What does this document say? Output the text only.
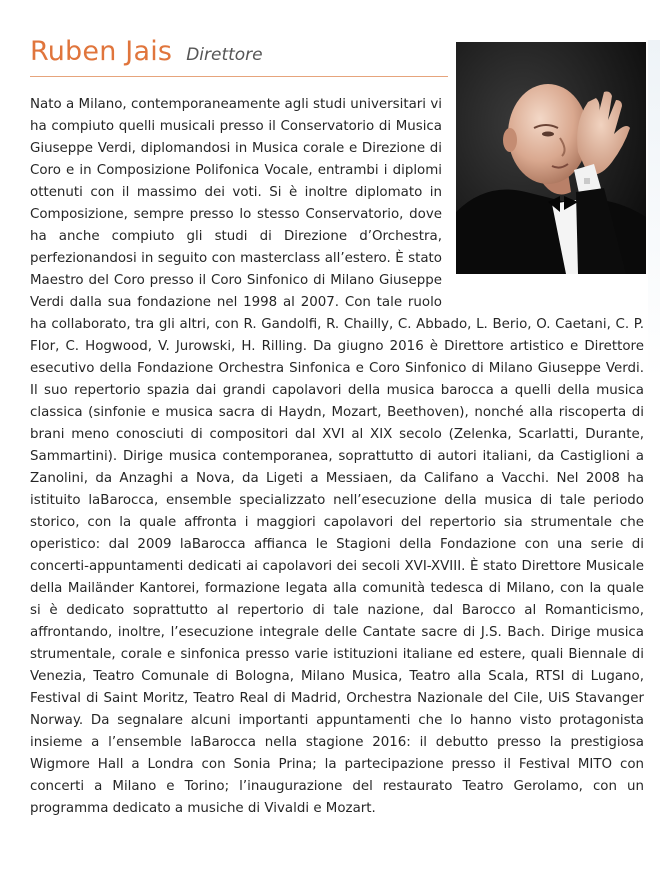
Ruben Jais Direttore
Nato a Milano, contemporaneamente agli studi universitari vi ha compiuto quelli musicali presso il Conservatorio di Musica Giuseppe Verdi, diplomandosi in Musica corale e Direzione di Coro e in Composizione Polifonica Vocale, entrambi i diplomi ottenuti con il massimo dei voti. Si è inoltre diplomato in Composizione, sempre presso lo stesso Conservatorio, dove ha anche compiuto gli studi di Direzione d’Orchestra, perfezionandosi in seguito con masterclass all’estero. È stato Maestro del Coro presso il Coro Sinfonico di Milano Giuseppe Verdi dalla sua fondazione nel 1998 al 2007. Con tale ruolo ha collaborato, tra gli altri, con R. Gandolfi, R. Chailly, C. Abbado, L. Berio, O. Caetani, C. P. Flor, C. Hogwood, V. Jurowski, H. Rilling. Da giugno 2016 è Direttore artistico e Direttore esecutivo della Fondazione Orchestra Sinfonica e Coro Sinfonico di Milano Giuseppe Verdi. Il suo repertorio spazia dai grandi capolavori della musica barocca a quelli della musica classica (sinfonie e musica sacra di Haydn, Mozart, Beethoven), nonché alla riscoperta di brani meno conosciuti di compositori dal XVI al XIX secolo (Zelenka, Scarlatti, Durante, Sammartini). Dirige musica contemporanea, soprattutto di autori italiani, da Castiglioni a Zanolini, da Anzaghi a Nova, da Ligeti a Messiaen, da Califano a Vacchi. Nel 2008 ha istituito laBarocca, ensemble specializzato nell’esecuzione della musica di tale periodo storico, con la quale affronta i maggiori capolavori del repertorio sia strumentale che operistico: dal 2009 laBarocca affianca le Stagioni della Fondazione con una serie di concerti-appuntamenti dedicati ai capolavori dei secoli XVI-XVIII. È stato Direttore Musicale della Mailänder Kantorei, formazione legata alla comunità tedesca di Milano, con la quale si è dedicato soprattutto al repertorio di tale nazione, dal Barocco al Romanticismo, affrontando, inoltre, l’esecuzione integrale delle Cantate sacre di J.S. Bach. Dirige musica strumentale, corale e sinfonica presso varie istituzioni italiane ed estere, quali Biennale di Venezia, Teatro Comunale di Bologna, Milano Musica, Teatro alla Scala, RTSI di Lugano, Festival di Saint Moritz, Teatro Real di Madrid, Orchestra Nazionale del Cile, UiS Stavanger Norway. Da segnalare alcuni importanti appuntamenti che lo hanno visto protagonista insieme a l’ensemble laBarocca nella stagione 2016: il debutto presso la prestigiosa Wigmore Hall a Londra con Sonia Prina; la partecipazione presso il Festival MITO con concerti a Milano e Torino; l’inaugurazione del restaurato Teatro Gerolamo, con un programma dedicato a musiche di Vivaldi e Mozart.
